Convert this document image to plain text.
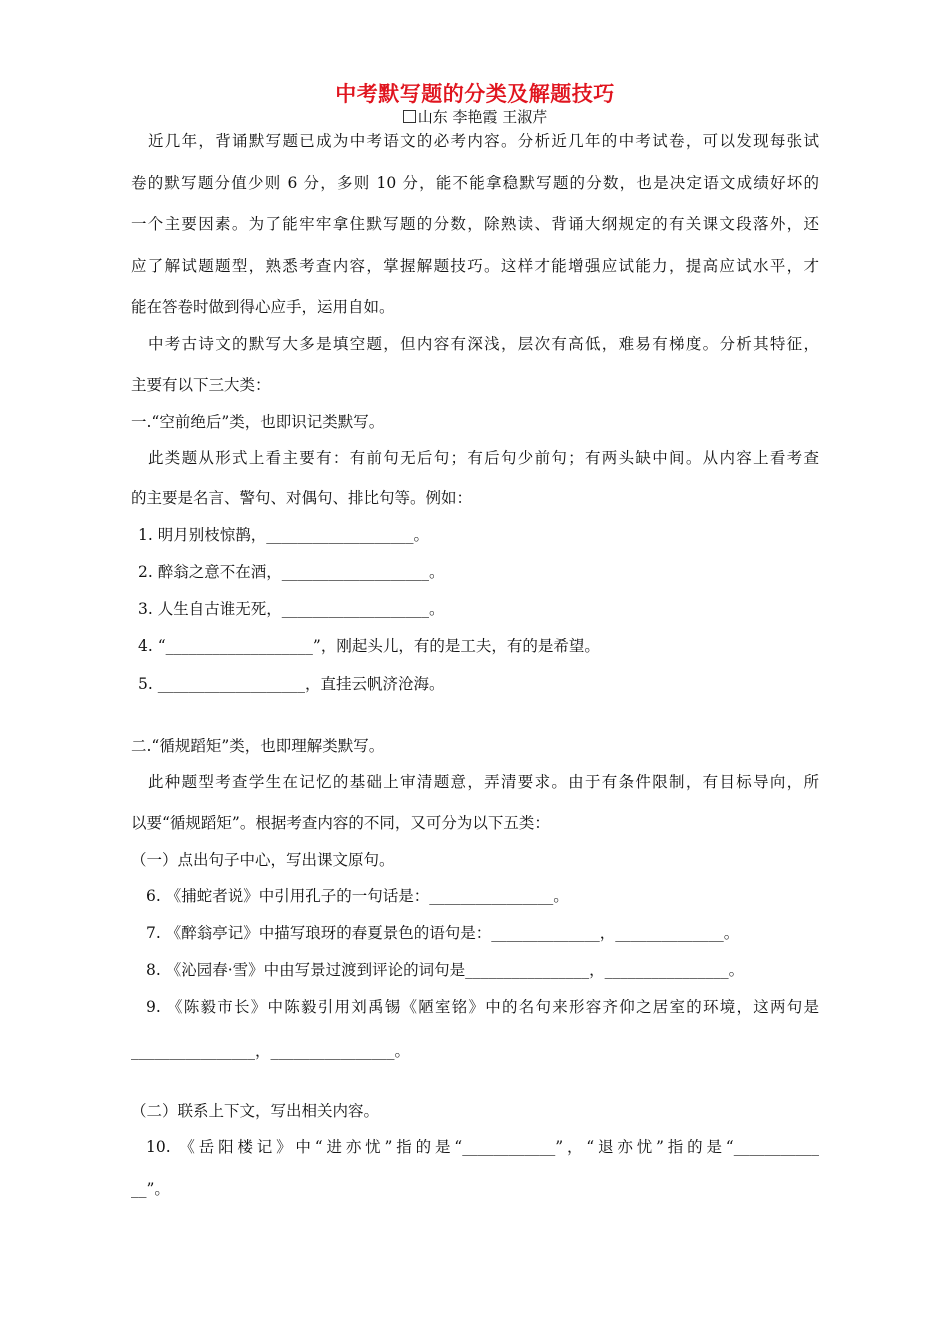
中考默写题的分类及解题技巧
山东 李艳霞 王淑芹
近几年，背诵默写题已成为中考语文的必考内容。分析近几年的中考试卷，可以发现每张试
卷的默写题分值少则 6 分，多则 10 分，能不能拿稳默写题的分数，也是决定语文成绩好坏的
一个主要因素。为了能牢牢拿住默写题的分数，除熟读、背诵大纲规定的有关课文段落外，还
应了解试题题型，熟悉考查内容，掌握解题技巧。这样才能增强应试能力，提高应试水平，才
能在答卷时做到得心应手，运用自如。
中考古诗文的默写大多是填空题，但内容有深浅，层次有高低，难易有梯度。分析其特征，
主要有以下三大类：
一.“空前绝后”类，也即识记类默写。
此类题从形式上看主要有：有前句无后句；有后句少前句；有两头缺中间。从内容上看考查
的主要是名言、警句、对偶句、排比句等。例如：
1. 明月别枝惊鹊，___________________。
2. 醉翁之意不在酒，___________________。
3. 人生自古谁无死，___________________。
4. “___________________”，刚起头儿，有的是工夫，有的是希望。
5. ___________________，直挂云帆济沧海。
二.“循规蹈矩”类，也即理解类默写。
此种题型考查学生在记忆的基础上审清题意，弄清要求。由于有条件限制，有目标导向，所
以要“循规蹈矩”。根据考查内容的不同，又可分为以下五类：
（一）点出句子中心，写出课文原句。
6. 《捕蛇者说》中引用孔子的一句话是：________________。
7. 《醉翁亭记》中描写琅玡的春夏景色的语句是：______________，______________。
8. 《沁园春·雪》中由写景过渡到评论的词句是________________，________________。
9. 《陈毅市长》中陈毅引用刘禹锡《陋室铭》中的名句来形容齐仰之居室的环境，这两句是
________________，________________。
（二）联系上下文，写出相关内容。
10. 《岳阳楼记》中“进亦忧”指的是“____________”，“退亦忧”指的是“___________
__”。
